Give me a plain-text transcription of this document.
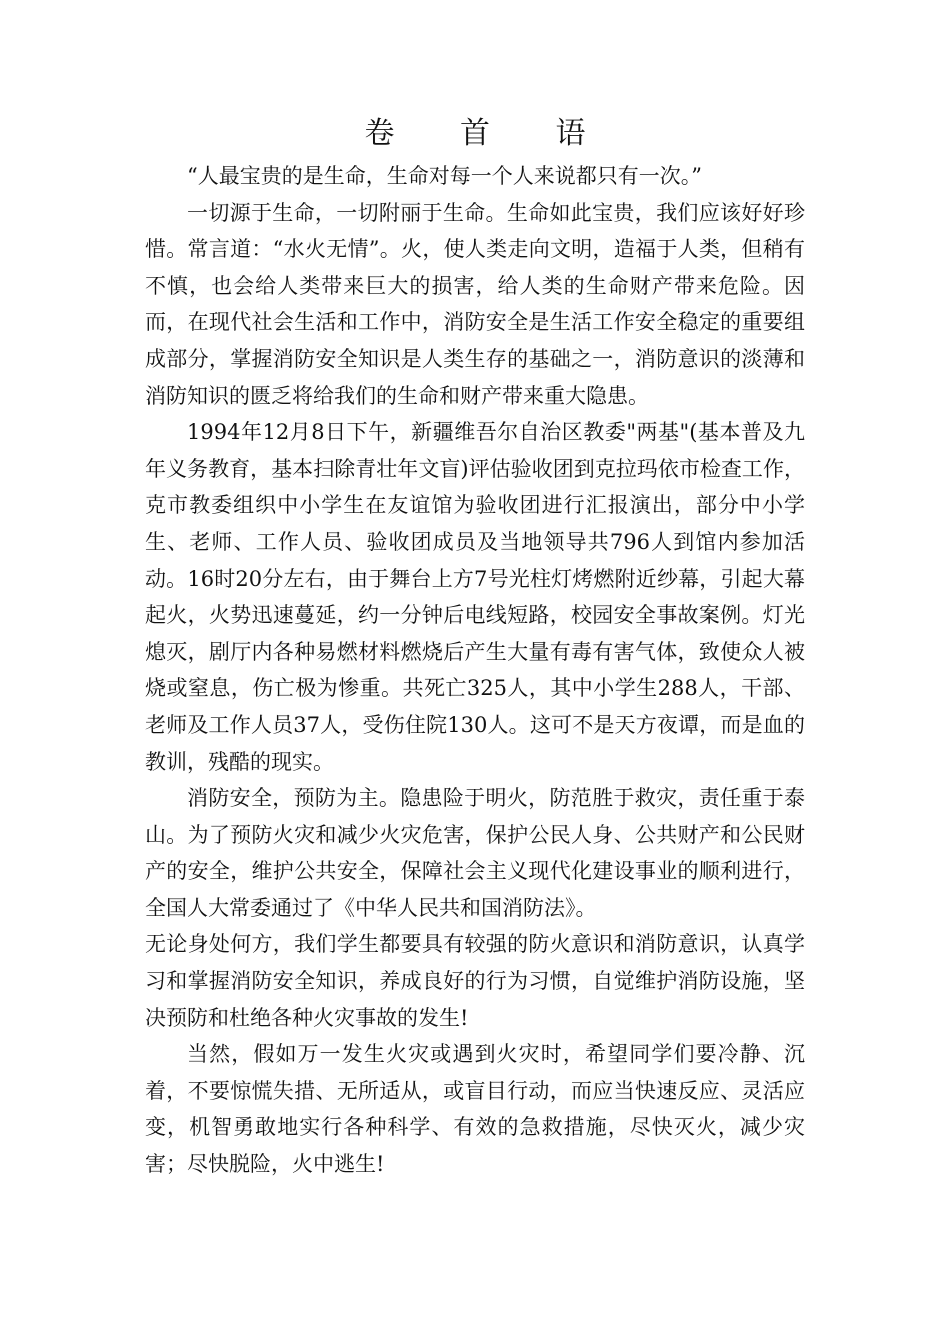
卷 首 语

“人最宝贵的是生命，生命对每一个人来说都只有一次。”

一切源于生命，一切附丽于生命。生命如此宝贵，我们应该好好珍惜。常言道：“水火无情”。火，使人类走向文明，造福于人类，但稍有不慎，也会给人类带来巨大的损害，给人类的生命财产带来危险。因而，在现代社会生活和工作中，消防安全是生活工作安全稳定的重要组成部分，掌握消防安全知识是人类生存的基础之一，消防意识的淡薄和消防知识的匮乏将给我们的生命和财产带来重大隐患。

1994年12月8日下午，新疆维吾尔自治区教委"两基"(基本普及九年义务教育，基本扫除青壮年文盲)评估验收团到克拉玛依市检查工作，克市教委组织中小学生在友谊馆为验收团进行汇报演出，部分中小学生、老师、工作人员、验收团成员及当地领导共796人到馆内参加活动。16时20分左右，由于舞台上方7号光柱灯烤燃附近纱幕，引起大幕起火，火势迅速蔓延，约一分钟后电线短路，校园安全事故案例。灯光熄灭，剧厅内各种易燃材料燃烧后产生大量有毒有害气体，致使众人被烧或窒息，伤亡极为惨重。共死亡325人，其中小学生288人，干部、老师及工作人员37人，受伤住院130人。这可不是天方夜谭，而是血的教训，残酷的现实。

消防安全，预防为主。隐患险于明火，防范胜于救灾，责任重于泰山。为了预防火灾和减少火灾危害，保护公民人身、公共财产和公民财产的安全，维护公共安全，保障社会主义现代化建设事业的顺利进行，全国人大常委通过了《中华人民共和国消防法》。

无论身处何方，我们学生都要具有较强的防火意识和消防意识，认真学习和掌握消防安全知识，养成良好的行为习惯，自觉维护消防设施，坚决预防和杜绝各种火灾事故的发生!

当然，假如万一发生火灾或遇到火灾时，希望同学们要冷静、沉着，不要惊慌失措、无所适从，或盲目行动，而应当快速反应、灵活应变，机智勇敢地实行各种科学、有效的急救措施，尽快灭火，减少灾害；尽快脱险，火中逃生!
